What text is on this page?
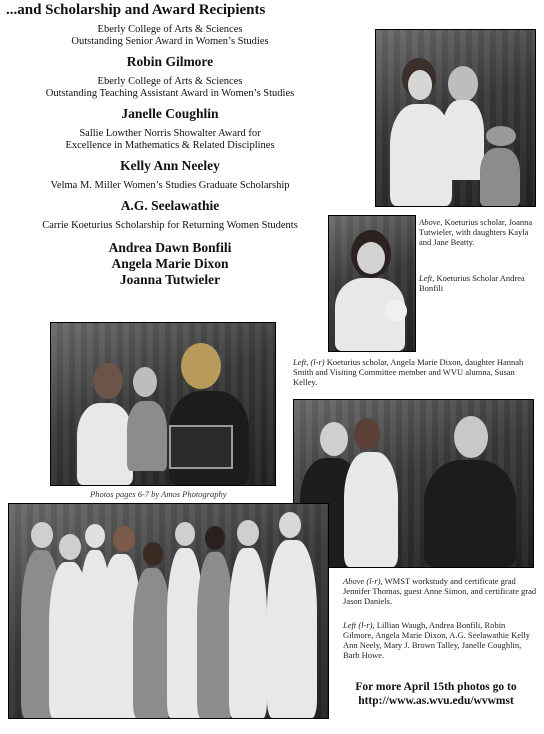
...and Scholarship and Award Recipients
Eberly College of Arts & Sciences
Outstanding Senior Award in Women’s Studies
Robin Gilmore
Eberly College of Arts & Sciences
Outstanding Teaching Assistant Award in Women’s Studies
Janelle Coughlin
Sallie Lowther Norris Showalter Award for
Excellence in Mathematics & Related Disciplines
Kelly Ann Neeley
Velma M. Miller Women’s Studies Graduate Scholarship
A.G. Seelawathie
Carrie Koeturius Scholarship for Returning Women Students
Andrea Dawn Bonfili
Angela Marie Dixon
Joanna Tutwieler
Above, Koeturius scholar, Joanna Tutwieler, with daughters Kayla and Jane Beatty.
Left, Koeturius Scholar Andrea Bonfili
Left, (l-r) Koeturius scholar, Angela Marie Dixon, daughter Hannah Smith and Visiting Committee member and WVU alumna, Susan Kelley.
Photos pages 6-7 by Amos Photography
Above (l-r), WMST workstudy and certificate grad Jennifer Thomas, guest Anne Simon, and certificate grad Jason Daniels.
Left (l-r), Lillian Waugh, Andrea Bonfili, Robin Gilmore, Angela Marie Dixon, A.G. Seelawathie Kelly Ann Neely, Mary J. Brown Talley, Janelle Coughlin, Barb Howe.
For more April 15th photos go to
http://www.as.wvu.edu/wvwmst
